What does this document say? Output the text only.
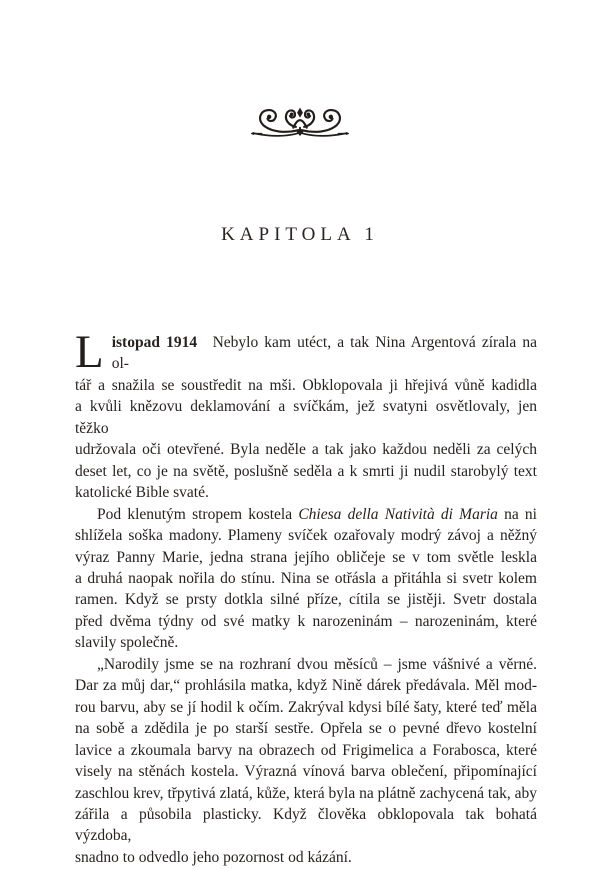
KAPITOLA 1
L istopad 1914 Nebylo kam utéct, a tak Nina Argentová zírala na ol-
tář a snažila se soustředit na mši. Obklopovala ji hřejivá vůně kadidla
a kvůli knězovu deklamování a svíčkám, jež svatyni osvětlovaly, jen těžko
udržovala oči otevřené. Byla neděle a tak jako každou neděli za celých
deset let, co je na světě, poslušně seděla a k smrti ji nudil starobylý text
katolické Bible svaté.
Pod klenutým stropem kostela Chiesa della Natività di Maria na ni
shlížela soška madony. Plameny svíček ozařovaly modrý závoj a něžný
výraz Panny Marie, jedna strana jejího obličeje se v tom světle leskla
a druhá naopak nořila do stínu. Nina se otřásla a přitáhla si svetr kolem
ramen. Když se prsty dotkla silné příze, cítila se jistěji. Svetr dostala
před dvěma týdny od své matky k narozeninám – narozeninám, které
slavily společně.
„Narodily jsme se na rozhraní dvou měsíců – jsme vášnivé a věrné.
Dar za můj dar,“ prohlásila matka, když Nině dárek předávala. Měl mod-
rou barvu, aby se jí hodil k očím. Zakrýval kdysi bílé šaty, které teď měla
na sobě a zdědila je po starší sestře. Opřela se o pevné dřevo kostelní
lavice a zkoumala barvy na obrazech od Frigimelica a Forabosca, které
visely na stěnách kostela. Výrazná vínová barva oblečení, připomínající
zaschlou krev, třpytivá zlatá, kůže, která byla na plátně zachycená tak, aby
zářila a působila plasticky. Když člověka obklopovala tak bohatá výzdoba,
snadno to odvedlo jeho pozornost od kázání.
